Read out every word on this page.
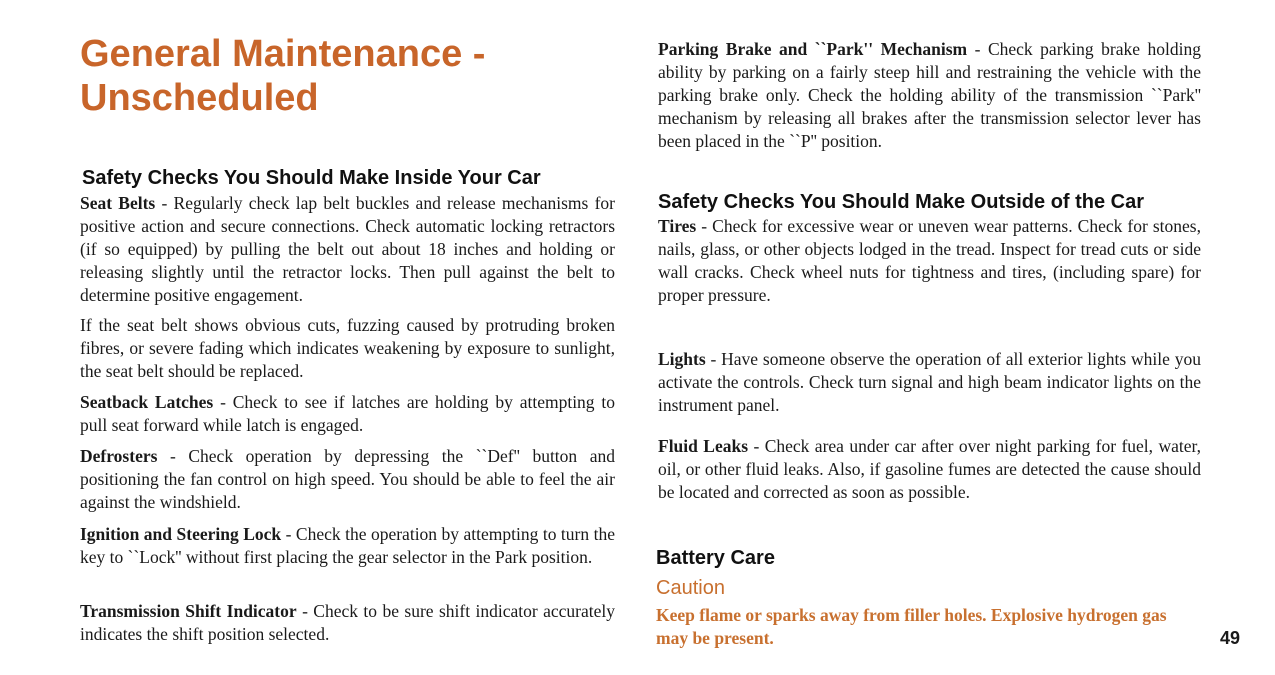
General Maintenance -
Unscheduled
Safety Checks You Should Make Inside Your Car

Seat Belts - Regularly check lap belt buckles and release mechanisms for positive action and secure connections. Check automatic locking retractors (if so equipped) by pulling the belt out about 18 inches and holding or releasing slightly until the retractor locks. Then pull against the belt to determine positive engagement.

If the seat belt shows obvious cuts, fuzzing caused by protruding broken fibres, or severe fading which indicates weakening by exposure to sunlight, the seat belt should be replaced.

Seatback Latches - Check to see if latches are holding by attempting to pull seat forward while latch is engaged.

Defrosters - Check operation by depressing the ``Def'' button and positioning the fan control on high speed. You should be able to feel the air against the windshield.

Ignition and Steering Lock - Check the operation by attempting to turn the key to ``Lock'' without first placing the gear selector in the Park position.

Transmission Shift Indicator - Check to be sure shift indicator accurately indicates the shift position selected.

Parking Brake and ``Park'' Mechanism - Check parking brake holding ability by parking on a fairly steep hill and restraining the vehicle with the parking brake only. Check the holding ability of the transmission ``Park'' mechanism by releasing all brakes after the transmission selector lever has been placed in the ``P'' position.

Safety Checks You Should Make Outside of the Car

Tires - Check for excessive wear or uneven wear patterns. Check for stones, nails, glass, or other objects lodged in the tread. Inspect for tread cuts or side wall cracks. Check wheel nuts for tightness and tires, (including spare) for proper pressure.

Lights - Have someone observe the operation of all exterior lights while you activate the controls. Check turn signal and high beam indicator lights on the instrument panel.

Fluid Leaks - Check area under car after over night parking for fuel, water, oil, or other fluid leaks. Also, if gasoline fumes are detected the cause should be located and corrected as soon as possible.

Battery Care
Caution

Keep flame or sparks away from filler holes. Explosive hydrogen gas may be present.	49
